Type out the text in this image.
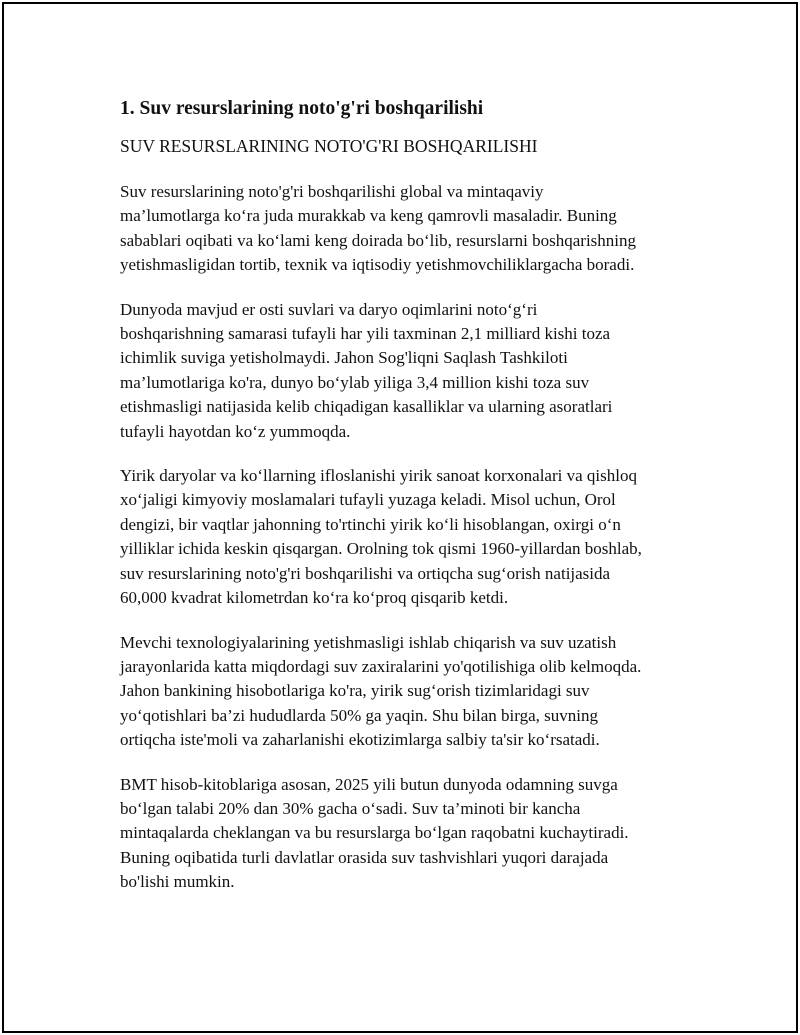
1. Suv resurslarining noto'g'ri boshqarilishi
SUV RESURSLARINING NOTO'G'RI BOSHQARILISHI
Suv resurslarining noto'g'ri boshqarilishi global va mintaqaviy
ma’lumotlarga ko‘ra juda murakkab va keng qamrovli masaladir. Buning
sabablari oqibati va ko‘lami keng doirada bo‘lib, resurslarni boshqarishning
yetishmasligidan tortib, texnik va iqtisodiy yetishmovchiliklargacha boradi.
Dunyoda mavjud er osti suvlari va daryo oqimlarini noto‘g‘ri
boshqarishning samarasi tufayli har yili taxminan 2,1 milliard kishi toza
ichimlik suviga yetisholmaydi. Jahon Sog'liqni Saqlash Tashkiloti
ma’lumotlariga ko'ra, dunyo bo‘ylab yiliga 3,4 million kishi toza suv
etishmasligi natijasida kelib chiqadigan kasalliklar va ularning asoratlari
tufayli hayotdan ko‘z yummoqda.
Yirik daryolar va ko‘llarning ifloslanishi yirik sanoat korxonalari va qishloq
xo‘jaligi kimyoviy moslamalari tufayli yuzaga keladi. Misol uchun, Orol
dengizi, bir vaqtlar jahonning to'rtinchi yirik ko‘li hisoblangan, oxirgi o‘n
yilliklar ichida keskin qisqargan. Orolning tok qismi 1960-yillardan boshlab,
suv resurslarining noto'g'ri boshqarilishi va ortiqcha sug‘orish natijasida
60,000 kvadrat kilometrdan ko‘ra ko‘proq qisqarib ketdi.
Mevchi texnologiyalarining yetishmasligi ishlab chiqarish va suv uzatish
jarayonlarida katta miqdordagi suv zaxiralarini yo'qotilishiga olib kelmoqda.
Jahon bankining hisobotlariga ko'ra, yirik sug‘orish tizimlaridagi suv
yo‘qotishlari ba’zi hududlarda 50% ga yaqin. Shu bilan birga, suvning
ortiqcha iste'moli va zaharlanishi ekotizimlarga salbiy ta'sir ko‘rsatadi.
BMT hisob-kitoblariga asosan, 2025 yili butun dunyoda odamning suvga
bo‘lgan talabi 20% dan 30% gacha o‘sadi. Suv ta’minoti bir kancha
mintaqalarda cheklangan va bu resurslarga bo‘lgan raqobatni kuchaytiradi.
Buning oqibatida turli davlatlar orasida suv tashvishlari yuqori darajada
bo'lishi mumkin.
